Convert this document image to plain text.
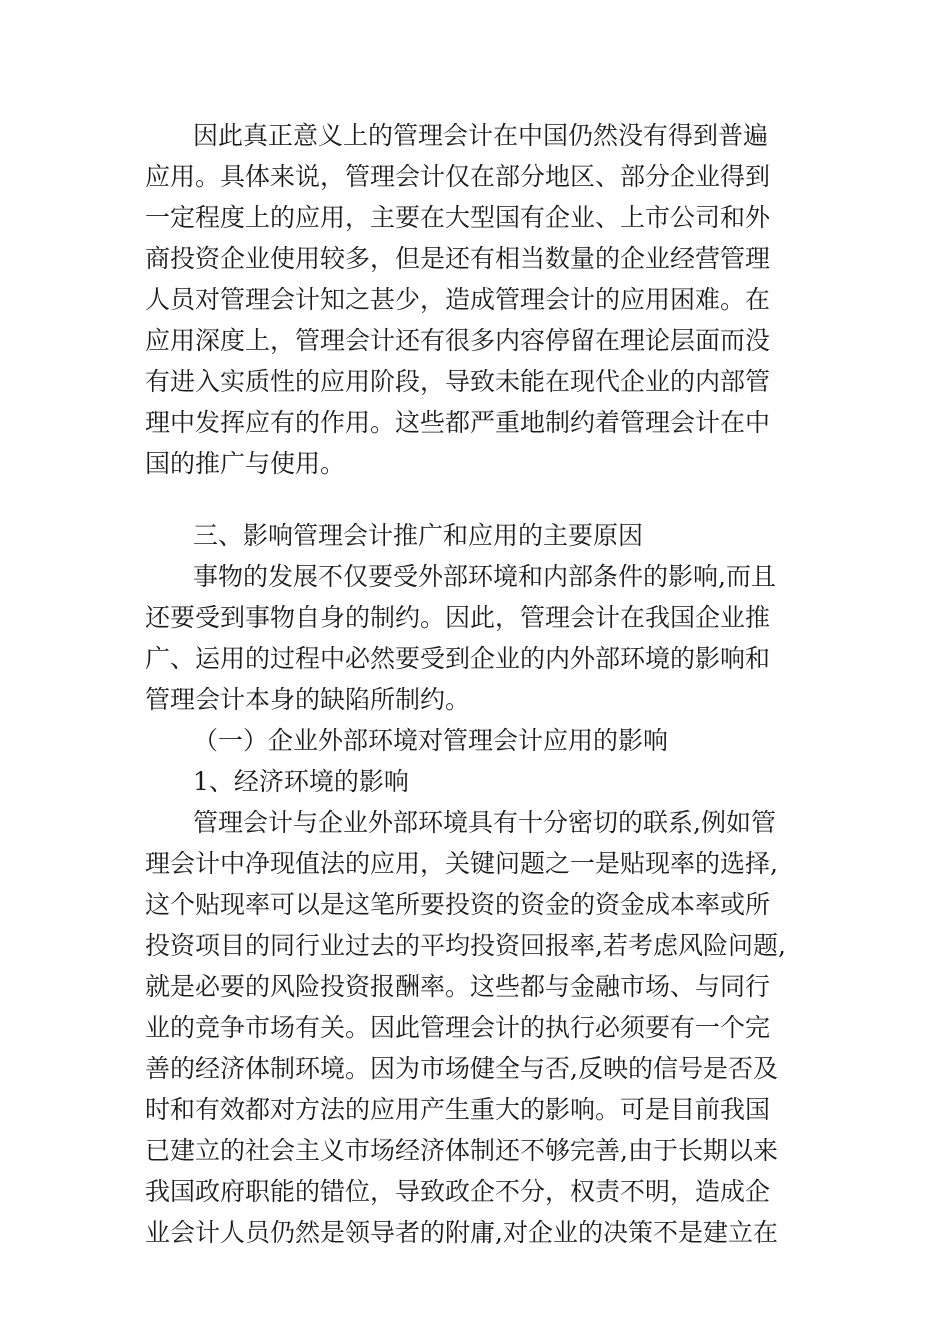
因此真正意义上的管理会计在中国仍然没有得到普遍
应用。具体来说，管理会计仅在部分地区、部分企业得到
一定程度上的应用，主要在大型国有企业、上市公司和外
商投资企业使用较多，但是还有相当数量的企业经营管理
人员对管理会计知之甚少，造成管理会计的应用困难。在
应用深度上，管理会计还有很多内容停留在理论层面而没
有进入实质性的应用阶段，导致未能在现代企业的内部管
理中发挥应有的作用。这些都严重地制约着管理会计在中
国的推广与使用。
三、影响管理会计推广和应用的主要原因
事物的发展不仅要受外部环境和内部条件的影响,而且
还要受到事物自身的制约。因此，管理会计在我国企业推
广、运用的过程中必然要受到企业的内外部环境的影响和
管理会计本身的缺陷所制约。
（一）企业外部环境对管理会计应用的影响
1、经济环境的影响
管理会计与企业外部环境具有十分密切的联系,例如管
理会计中净现值法的应用，关键问题之一是贴现率的选择,
这个贴现率可以是这笔所要投资的资金的资金成本率或所
投资项目的同行业过去的平均投资回报率,若考虑风险问题,
就是必要的风险投资报酬率。这些都与金融市场、与同行
业的竞争市场有关。因此管理会计的执行必须要有一个完
善的经济体制环境。因为市场健全与否,反映的信号是否及
时和有效都对方法的应用产生重大的影响。可是目前我国
已建立的社会主义市场经济体制还不够完善,由于长期以来
我国政府职能的错位，导致政企不分，权责不明，造成企
业会计人员仍然是领导者的附庸,对企业的决策不是建立在
